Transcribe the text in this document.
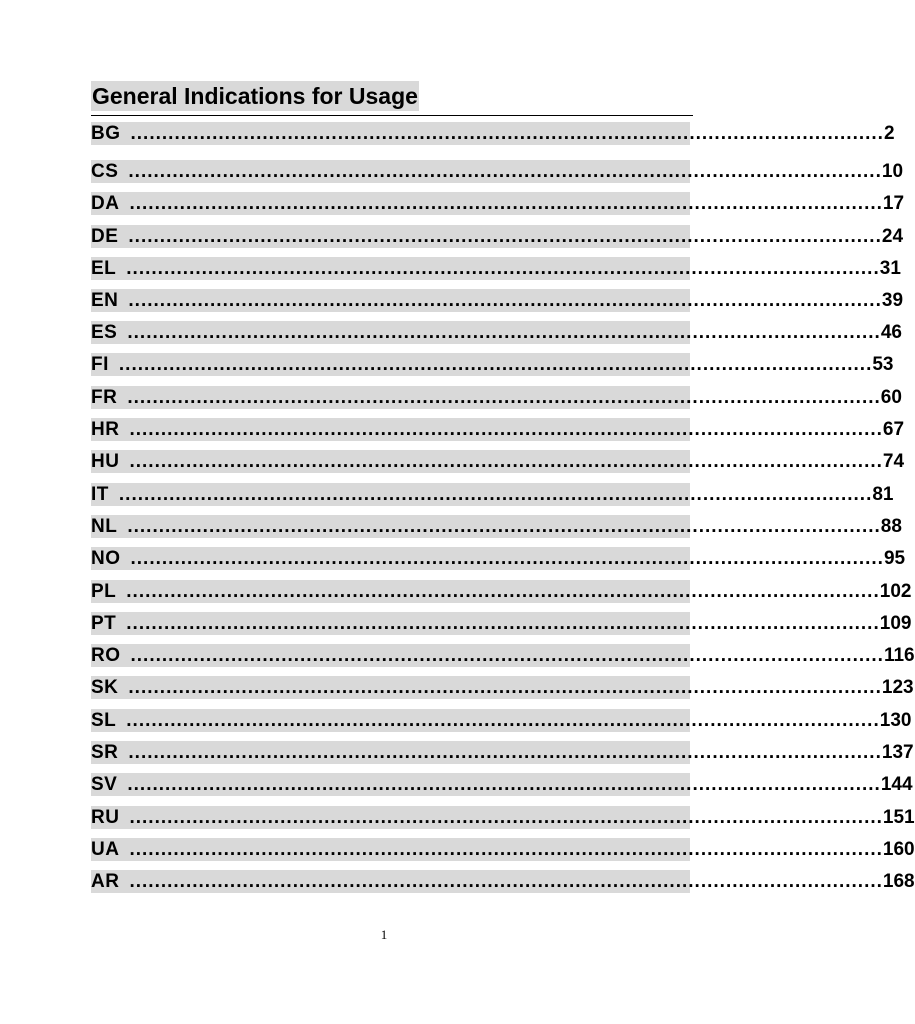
General Indications for Usage
BG ........................................................................................................................ 2
CS ........................................................................................................................ 10
DA ........................................................................................................................ 17
DE ........................................................................................................................ 24
EL ........................................................................................................................ 31
EN ........................................................................................................................ 39
ES ........................................................................................................................ 46
FI ........................................................................................................................ 53
FR ........................................................................................................................ 60
HR ........................................................................................................................ 67
HU ........................................................................................................................ 74
IT ........................................................................................................................ 81
NL ........................................................................................................................ 88
NO ........................................................................................................................ 95
PL ........................................................................................................................ 102
PT ........................................................................................................................ 109
RO ........................................................................................................................ 116
SK ........................................................................................................................ 123
SL ........................................................................................................................ 130
SR ........................................................................................................................ 137
SV ........................................................................................................................ 144
RU ........................................................................................................................ 151
UA ........................................................................................................................ 160
AR ........................................................................................................................ 168
1
